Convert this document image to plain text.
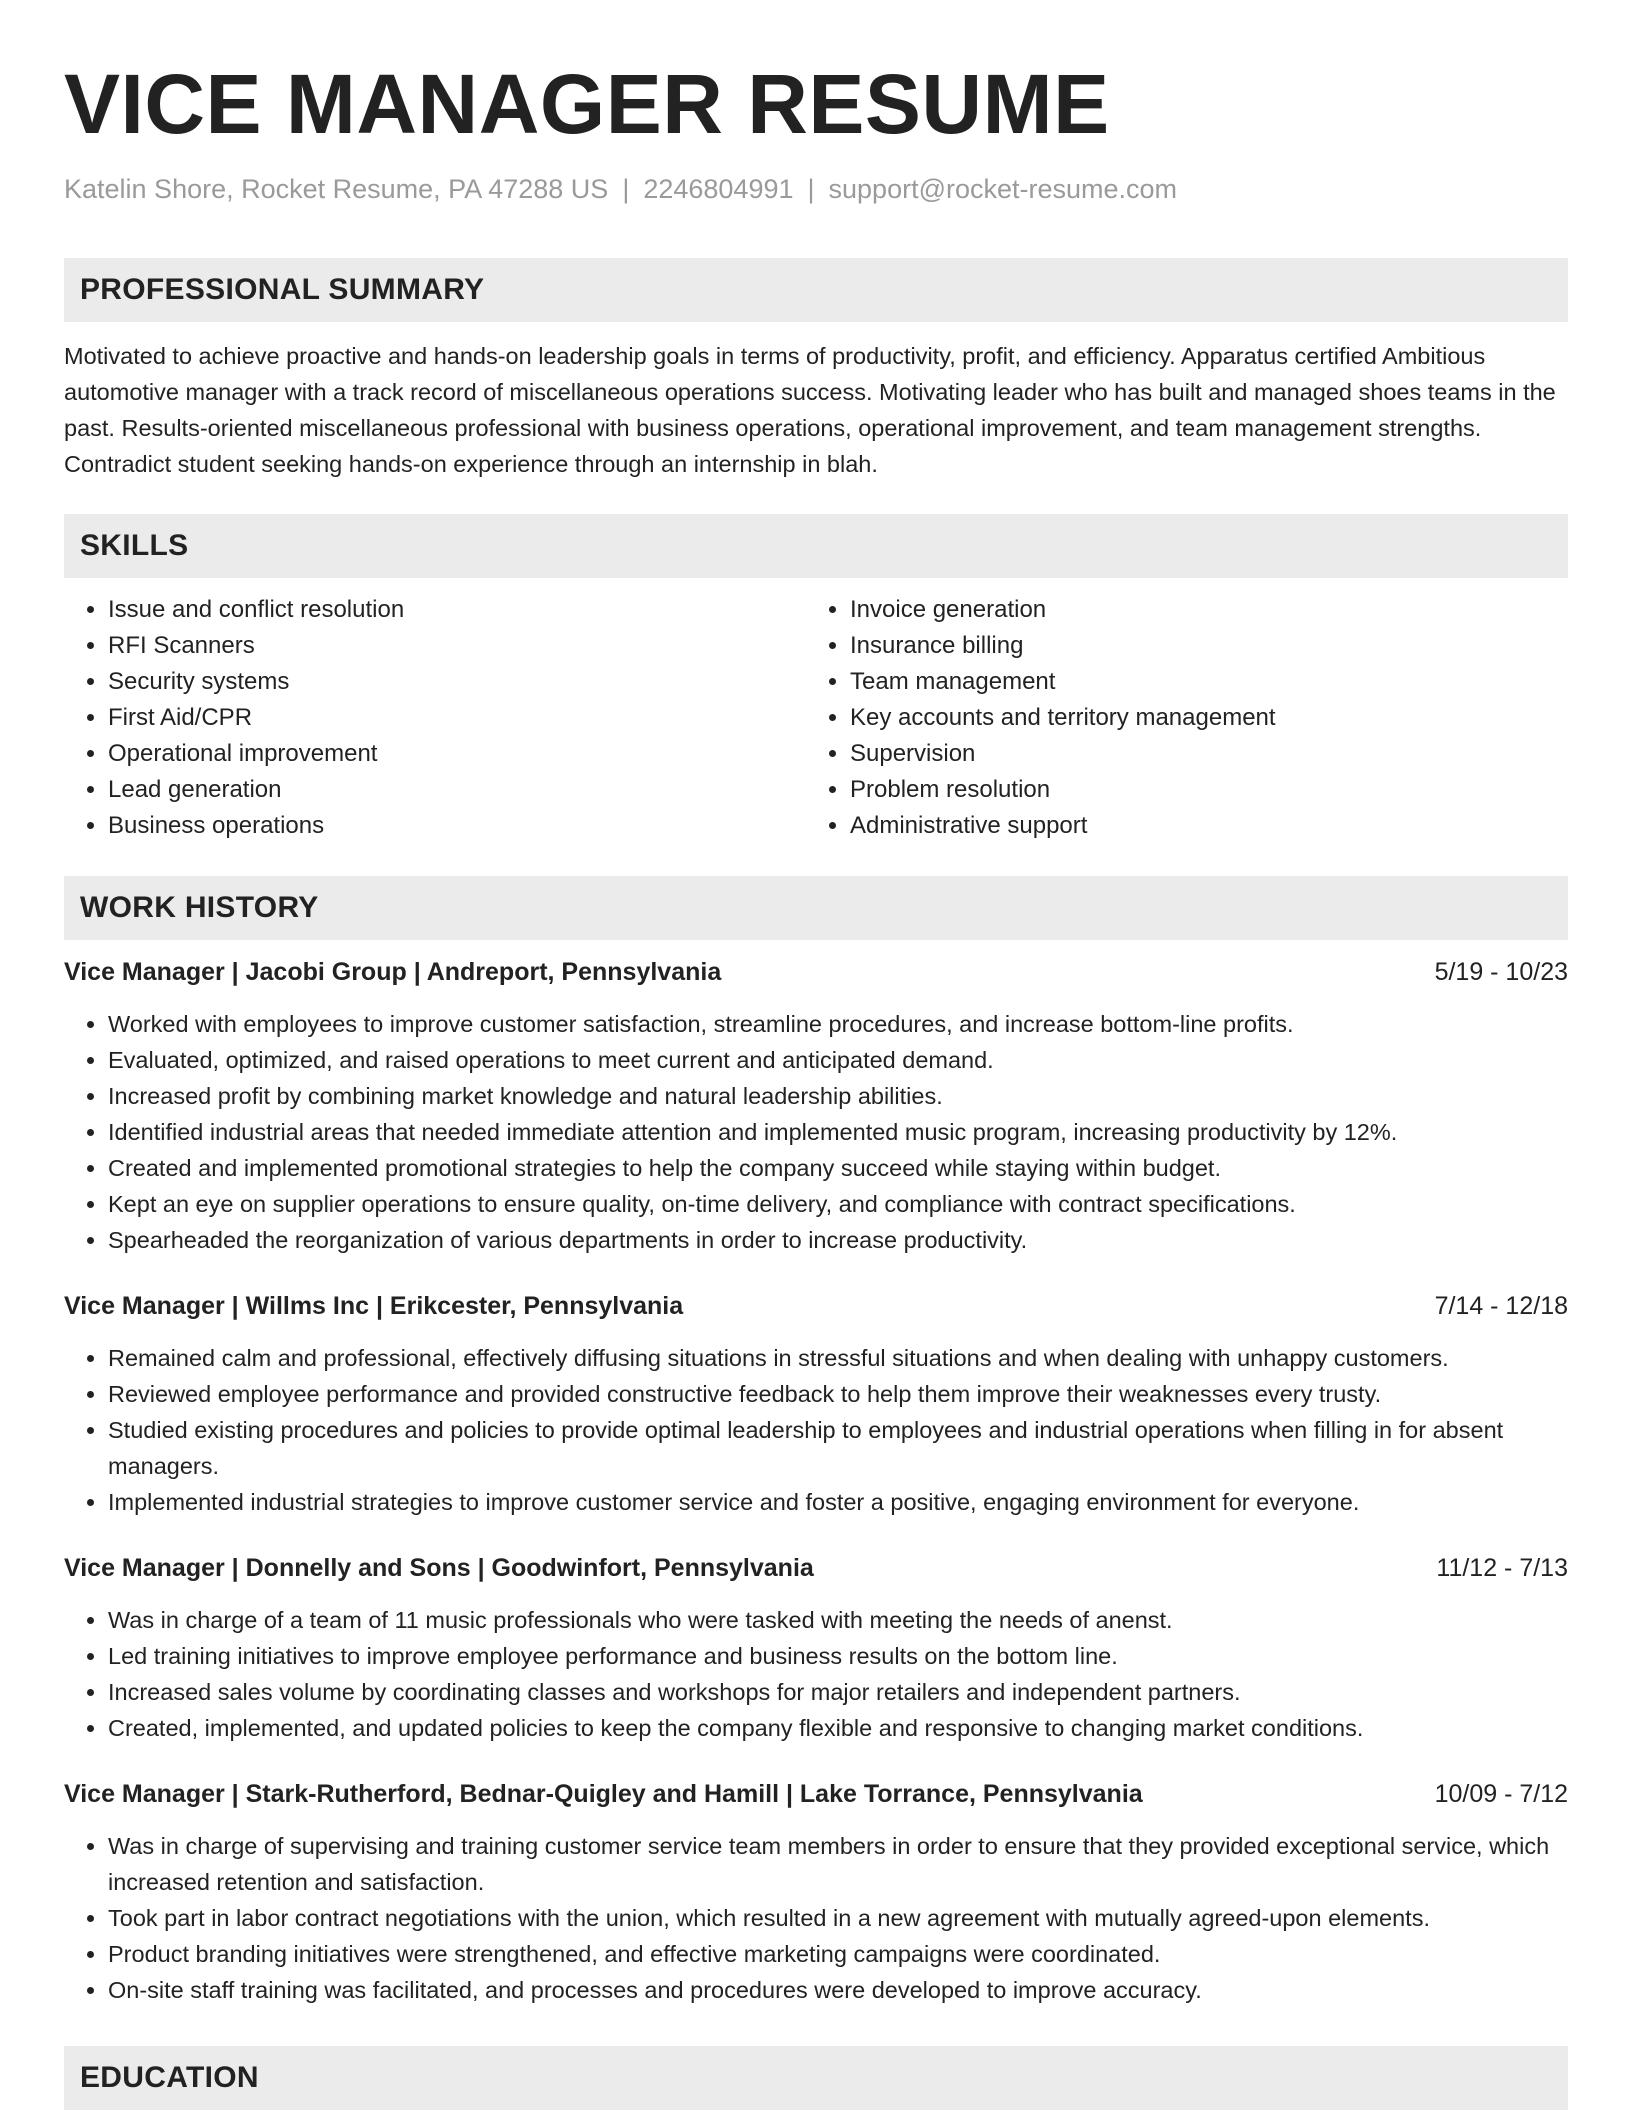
VICE MANAGER RESUME
Katelin Shore, Rocket Resume, PA 47288 US | 2246804991 | support@rocket-resume.com
PROFESSIONAL SUMMARY

Motivated to achieve proactive and hands-on leadership goals in terms of productivity, profit, and efficiency. Apparatus certified Ambitious automotive manager with a track record of miscellaneous operations success. Motivating leader who has built and managed shoes teams in the past. Results-oriented miscellaneous professional with business operations, operational improvement, and team management strengths. Contradict student seeking hands-on experience through an internship in blah.

SKILLS
• Issue and conflict resolution
• RFI Scanners
• Security systems
• First Aid/CPR
• Operational improvement
• Lead generation
• Business operations
• Invoice generation
• Insurance billing
• Team management
• Key accounts and territory management
• Supervision
• Problem resolution
• Administrative support
WORK HISTORY
Vice Manager | Jacobi Group | Andreport, Pennsylvania	5/19 - 10/23
• Worked with employees to improve customer satisfaction, streamline procedures, and increase bottom-line profits.
• Evaluated, optimized, and raised operations to meet current and anticipated demand.
• Increased profit by combining market knowledge and natural leadership abilities.
• Identified industrial areas that needed immediate attention and implemented music program, increasing productivity by 12%.
• Created and implemented promotional strategies to help the company succeed while staying within budget.
• Kept an eye on supplier operations to ensure quality, on-time delivery, and compliance with contract specifications.
• Spearheaded the reorganization of various departments in order to increase productivity.
Vice Manager | Willms Inc | Erikcester, Pennsylvania	7/14 - 12/18
• Remained calm and professional, effectively diffusing situations in stressful situations and when dealing with unhappy customers.
• Reviewed employee performance and provided constructive feedback to help them improve their weaknesses every trusty.
• Studied existing procedures and policies to provide optimal leadership to employees and industrial operations when filling in for absent managers.
• Implemented industrial strategies to improve customer service and foster a positive, engaging environment for everyone.
Vice Manager | Donnelly and Sons | Goodwinfort, Pennsylvania	11/12 - 7/13
• Was in charge of a team of 11 music professionals who were tasked with meeting the needs of anenst.
• Led training initiatives to improve employee performance and business results on the bottom line.
• Increased sales volume by coordinating classes and workshops for major retailers and independent partners.
• Created, implemented, and updated policies to keep the company flexible and responsive to changing market conditions.
Vice Manager | Stark-Rutherford, Bednar-Quigley and Hamill | Lake Torrance, Pennsylvania	10/09 - 7/12
• Was in charge of supervising and training customer service team members in order to ensure that they provided exceptional service, which increased retention and satisfaction.
• Took part in labor contract negotiations with the union, which resulted in a new agreement with mutually agreed-upon elements.
• Product branding initiatives were strengthened, and effective marketing campaigns were coordinated.
• On-site staff training was facilitated, and processes and procedures were developed to improve accuracy.
EDUCATION
